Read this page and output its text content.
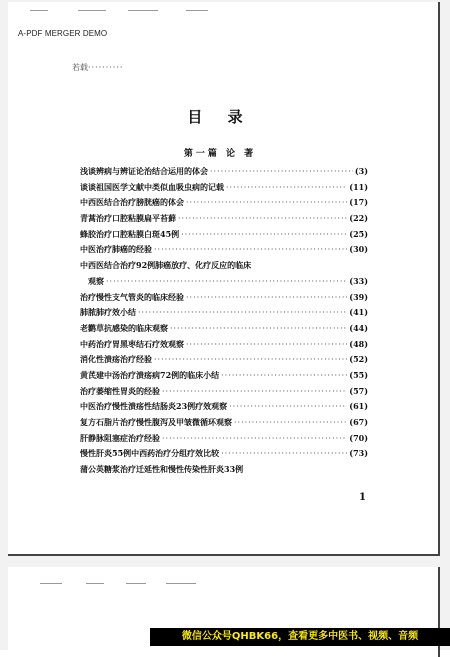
A-PDF MERGER DEMO
目 录
第一篇 论 著
浅谈辨病与辨证论治结合运用的体会 ·····	(3)
谈谈祖国医学文献中类似血吸虫病的记载 ·····	(11)
中西医结合治疗膀胱癌的体会 ·····	(17)
青蒿治疗口腔粘膜扁平苔藓 ·····	(22)
蜂胶治疗口腔粘膜白斑45例 ·····	(25)
中医治疗肺癌的经验 ·····	(30)
中西医结合治疗92例肺癌放疗、化疗反应的临床
观察 ·····	(33)
治疗慢性支气管炎的临床经验 ·····	(39)
肺脓肺疗效小结 ·····	(41)
老鹳草抗感染的临床观察 ·····	(44)
中药治疗胃黑枣结石疗效观察 ·····	(48)
消化性溃疡治疗经验 ·····	(52)
黄芪建中汤治疗溃疡病72例的临床小结 ·····	(55)
治疗萎缩性胃炎的经验 ·····	(57)
中医治疗慢性溃疡性结肠炎23例疗效观察 ·····	(61)
复方石脂片治疗慢性腹泻及甲皱微循环观察 ·····	(67)
肝静脉阻塞症治疗经验 ·····	(70)
慢性肝炎55例中西药治疗分组疗效比较 ·····	(73)
蒲公英糖浆治疗迁延性和慢性传染性肝炎33例
1
若载·····
微信公众号QHBK66，查看更多中医书、视频、音频
